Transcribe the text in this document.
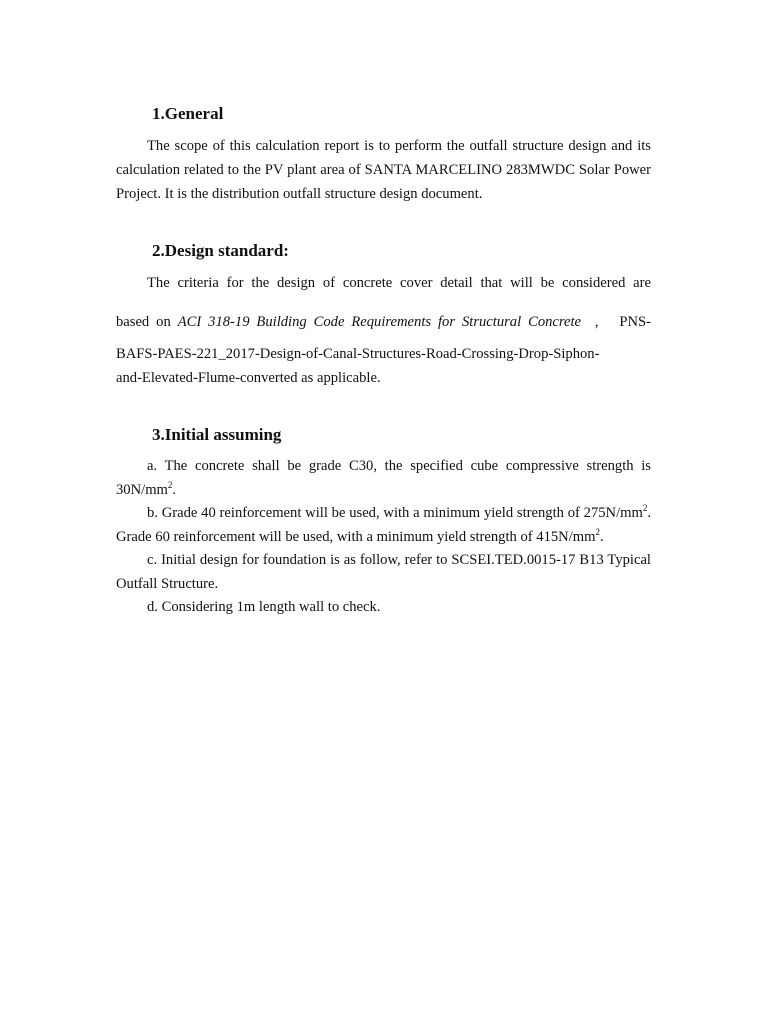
1.General

The scope of this calculation report is to perform the outfall structure design and its calculation related to the PV plant area of SANTA MARCELINO 283MWDC Solar Power Project. It is the distribution outfall structure design document.

2.Design standard:
The criteria for the design of concrete cover detail that will be considered are
based on ACI 318-19 Building Code Requirements for Structural Concrete  ,   PNS-
BAFS-PAES-221_2017-Design-of-Canal-Structures-Road-Crossing-Drop-Siphon-
and-Elevated-Flume-converted as applicable.
3.Initial assuming

a. The concrete shall be grade C30, the specified cube compressive strength is $30N/mm^2$.

b. Grade 40 reinforcement will be used, with a minimum yield strength of $275N/mm^2$. Grade 60 reinforcement will be used, with a minimum yield strength of $415N/mm^2$.

c. Initial design for foundation is as follow, refer to SCSEI.TED.0015-17 B13 Typical Outfall Structure.

d. Considering 1m length wall to check.
